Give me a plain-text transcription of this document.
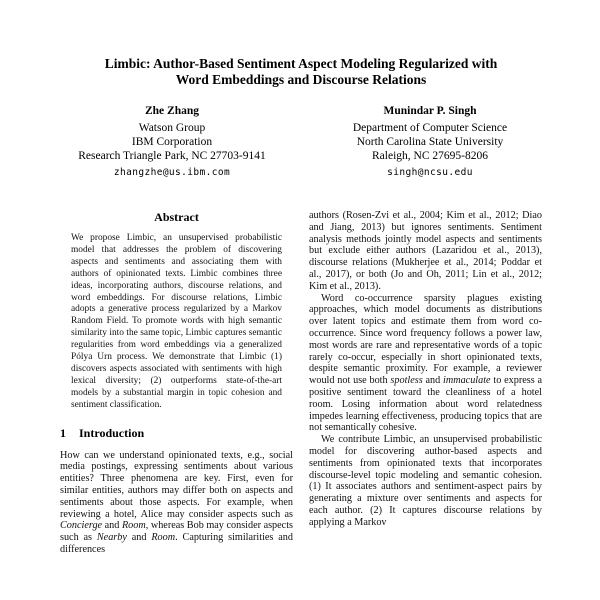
Limbic: Author-Based Sentiment Aspect Modeling Regularized with
Word Embeddings and Discourse Relations
Zhe Zhang
Watson Group
IBM Corporation
Research Triangle Park, NC 27703-9141
zhangzhe@us.ibm.com
Munindar P. Singh
Department of Computer Science
North Carolina State University
Raleigh, NC 27695-8206
singh@ncsu.edu
Abstract

We propose Limbic, an unsupervised probabilistic model that addresses the problem of discovering aspects and sentiments and associating them with authors of opinionated texts. Limbic combines three ideas, incorporating authors, discourse relations, and word embeddings. For discourse relations, Limbic adopts a generative process regularized by a Markov Random Field. To promote words with high semantic similarity into the same topic, Limbic captures semantic regularities from word embeddings via a generalized Pólya Urn process. We demonstrate that Limbic (1) discovers aspects associated with sentiments with high lexical diversity; (2) outperforms state-of-the-art models by a substantial margin in topic cohesion and sentiment classification.

1 Introduction

How can we understand opinionated texts, e.g., social media postings, expressing sentiments about various entities? Three phenomena are key. First, even for similar entities, authors may differ both on aspects and sentiments about those aspects. For example, when reviewing a hotel, Alice may consider aspects such as Concierge and Room, whereas Bob may consider aspects such as Nearby and Room. Capturing similarities and differences

authors (Rosen-Zvi et al., 2004; Kim et al., 2012; Diao and Jiang, 2013) but ignores sentiments. Sentiment analysis methods jointly model aspects and sentiments but exclude either authors (Lazaridou et al., 2013), discourse relations (Mukherjee et al., 2014; Poddar et al., 2017), or both (Jo and Oh, 2011; Lin et al., 2012; Kim et al., 2013).

Word co-occurrence sparsity plagues existing approaches, which model documents as distributions over latent topics and estimate them from word co-occurrence. Since word frequency follows a power law, most words are rare and representative words of a topic rarely co-occur, especially in short opinionated texts, despite semantic proximity. For example, a reviewer would not use both spotless and immaculate to express a positive sentiment toward the cleanliness of a hotel room. Losing information about word relatedness impedes learning effectiveness, producing topics that are not semantically cohesive.

We contribute Limbic, an unsupervised probabilistic model for discovering author-based aspects and sentiments from opinionated texts that incorporates discourse-level topic modeling and semantic cohesion. (1) It associates authors and sentiment-aspect pairs by generating a mixture over sentiments and aspects for each author. (2) It captures discourse relations by applying a Markov
